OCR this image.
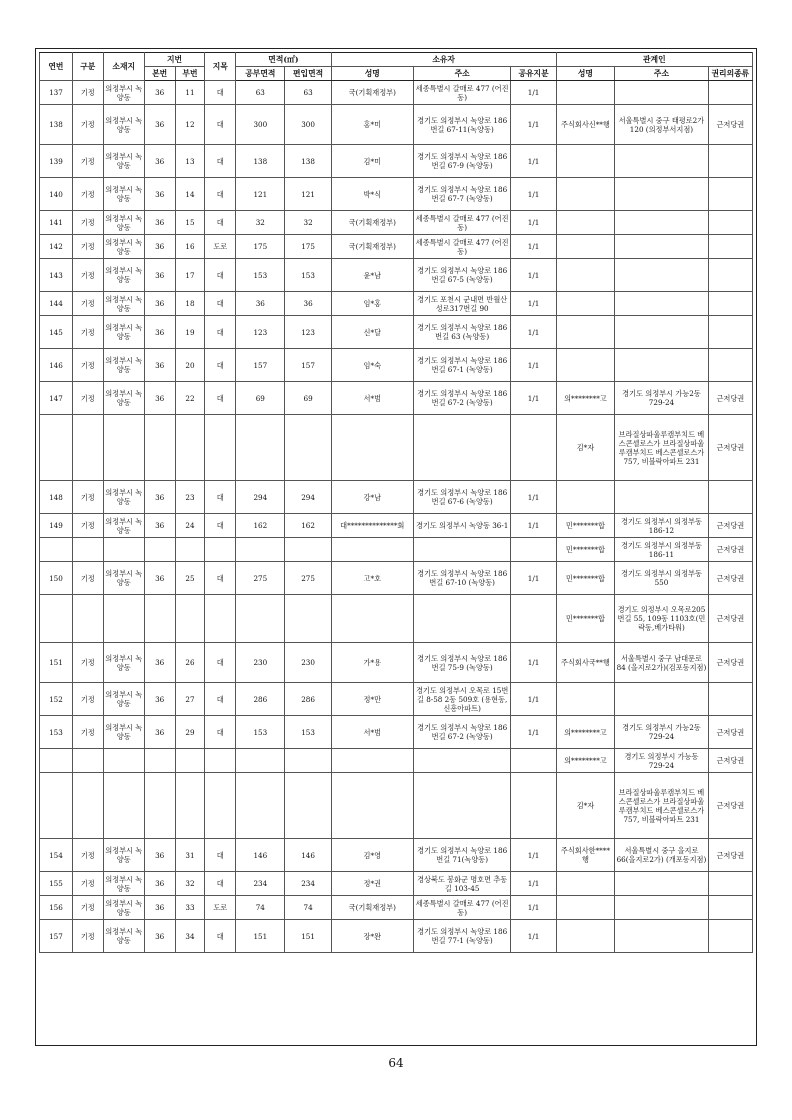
연번	구분	소재지	지번		지목	면적(㎡)		소유자			관계인		
			본번	부번		공부면적	편입면적	성명	주소	공유지분	성명	주소	권리의종류
137	기정	의정부시 녹양동	36	11	대	63	63	국(기획재정부)	세종특별시 갈매로 477 (어진동)	1/1			
138	기정	의정부시 녹양동	36	12	대	300	300	홍*미	경기도 의정부시 녹양로 186번길 67-11(녹양동)	1/1	주식회사신**행	서울특별시 중구 태평로2가 120 (의정부서지점)	근저당권
139	기정	의정부시 녹양동	36	13	대	138	138	김*미	경기도 의정부시 녹양로 186번길 67-9 (녹양동)	1/1			
140	기정	의정부시 녹양동	36	14	대	121	121	박*식	경기도 의정부시 녹양로 186번길 67-7 (녹양동)	1/1			
141	기정	의정부시 녹양동	36	15	대	32	32	국(기획재정부)	세종특별시 갈매로 477 (어진동)	1/1			
142	기정	의정부시 녹양동	36	16	도로	175	175	국(기획재정부)	세종특별시 갈매로 477 (어진동)	1/1			
143	기정	의정부시 녹양동	36	17	대	153	153	윤*남	경기도 의정부시 녹양로 186번길 67-5 (녹양동)	1/1			
144	기정	의정부시 녹양동	36	18	대	36	36	임*홍	경기도 포천시 군내면 반월산성로317번길 90	1/1			
145	기정	의정부시 녹양동	36	19	대	123	123	신*달	경기도 의정부시 녹양로 186번길 63 (녹양동)	1/1			
146	기정	의정부시 녹양동	36	20	대	157	157	임*숙	경기도 의정부시 녹양로 186번길 67-1 (녹양동)	1/1			
147	기정	의정부시 녹양동	36	22	대	69	69	서*범	경기도 의정부시 녹양로 186번길 67-2 (녹양동)	1/1	의********고	경기도 의정부시 가능2동 729-24	근저당권
											김*자	브라질상파울루캠부치드 베스콘셀로스가 브라질상파울루캠부치드 베스콘셀로스가 757, 비블락아파트 231	근저당권
148	기정	의정부시 녹양동	36	23	대	294	294	강*남	경기도 의정부시 녹양로 186번길 67-6 (녹양동)	1/1			
149	기정	의정부시 녹양동	36	24	대	162	162	대**************회	경기도 의정부시 녹양동 36-1	1/1	민*******합	경기도 의정부시 의정부동 186-12	근저당권
											민*******합	경기도 의정부시 의정부동 186-11	근저당권
150	기정	의정부시 녹양동	36	25	대	275	275	고*호	경기도 의정부시 녹양로 186번길 67-10 (녹양동)	1/1	민*******합	경기도 의정부시 의정부동 550	근저당권
											민*******합	경기도 의정부시 오목로205번길 55, 109동 1103호(민락동,베가타워)	근저당권
151	기정	의정부시 녹양동	36	26	대	230	230	가*용	경기도 의정부시 녹양로 186번길 75-9 (녹양동)	1/1	주식회사국**행	서울특별시 중구 남대문로 84 (을지로2가)(검포동지점)	근저당권
152	기정	의정부시 녹양동	36	27	대	286	286	정*만	경기도 의정부시 오목로 15번길 8-58 2동 509호 (용현동,신흥아파트)	1/1			
153	기정	의정부시 녹양동	36	29	대	153	153	서*범	경기도 의정부시 녹양로 186번길 67-2 (녹양동)	1/1	의********고	경기도 의정부시 가능2동 729-24	근저당권
											의********고	경기도 의정부시 가능동 729-24	근저당권
											김*자	브라질상파울루캠부치드 베스콘셀로스가 브라질상파울루캠부치드 베스콘셀로스가 757, 비블락아파트 231	근저당권
154	기정	의정부시 녹양동	36	31	대	146	146	김*영	경기도 의정부시 녹양로 186번길 71(녹양동)	1/1	주식회사한****행	서울특별시 중구 을지로 66(을지로2가) (개포동지점)	근저당권
155	기정	의정부시 녹양동	36	32	대	234	234	정*권	경상북도 봉화군 명호면 추동길 103-45	1/1			
156	기정	의정부시 녹양동	36	33	도로	74	74	국(기획재정부)	세종특별시 갈매로 477 (어진동)	1/1			
157	기정	의정부시 녹양동	36	34	대	151	151	장*완	경기도 의정부시 녹양로 186번길 77-1 (녹양동)	1/1			
64
